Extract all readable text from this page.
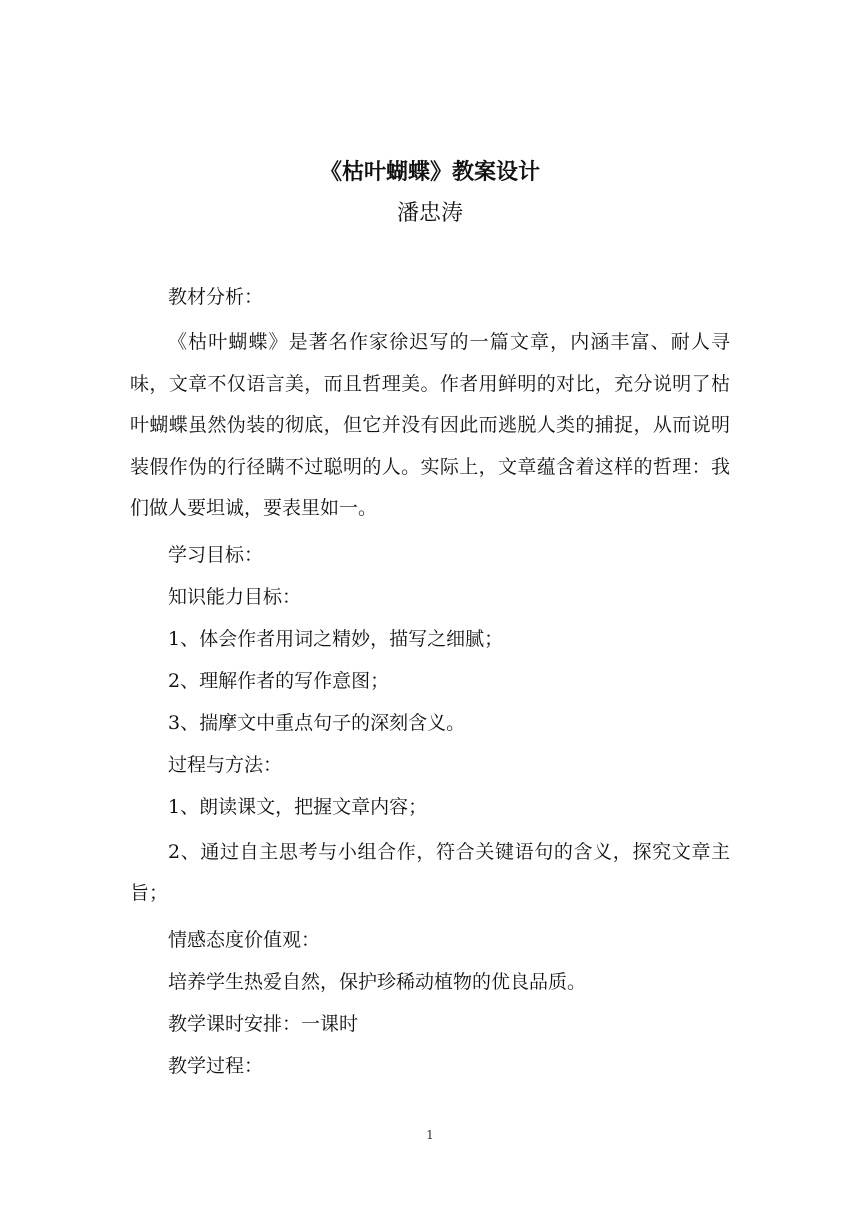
《枯叶蝴蝶》教案设计
潘忠涛

教材分析：

《枯叶蝴蝶》是著名作家徐迟写的一篇文章，内涵丰富、耐人寻味，文章不仅语言美，而且哲理美。作者用鲜明的对比，充分说明了枯叶蝴蝶虽然伪装的彻底，但它并没有因此而逃脱人类的捕捉，从而说明装假作伪的行径瞒不过聪明的人。实际上，文章蕴含着这样的哲理：我们做人要坦诚，要表里如一。

学习目标：

知识能力目标：

1、体会作者用词之精妙，描写之细腻；

2、理解作者的写作意图；

3、揣摩文中重点句子的深刻含义。

过程与方法：

1、朗读课文，把握文章内容；

2、通过自主思考与小组合作，符合关键语句的含义，探究文章主旨；

情感态度价值观：

培养学生热爱自然，保护珍稀动植物的优良品质。

教学课时安排：一课时

教学过程：

1
